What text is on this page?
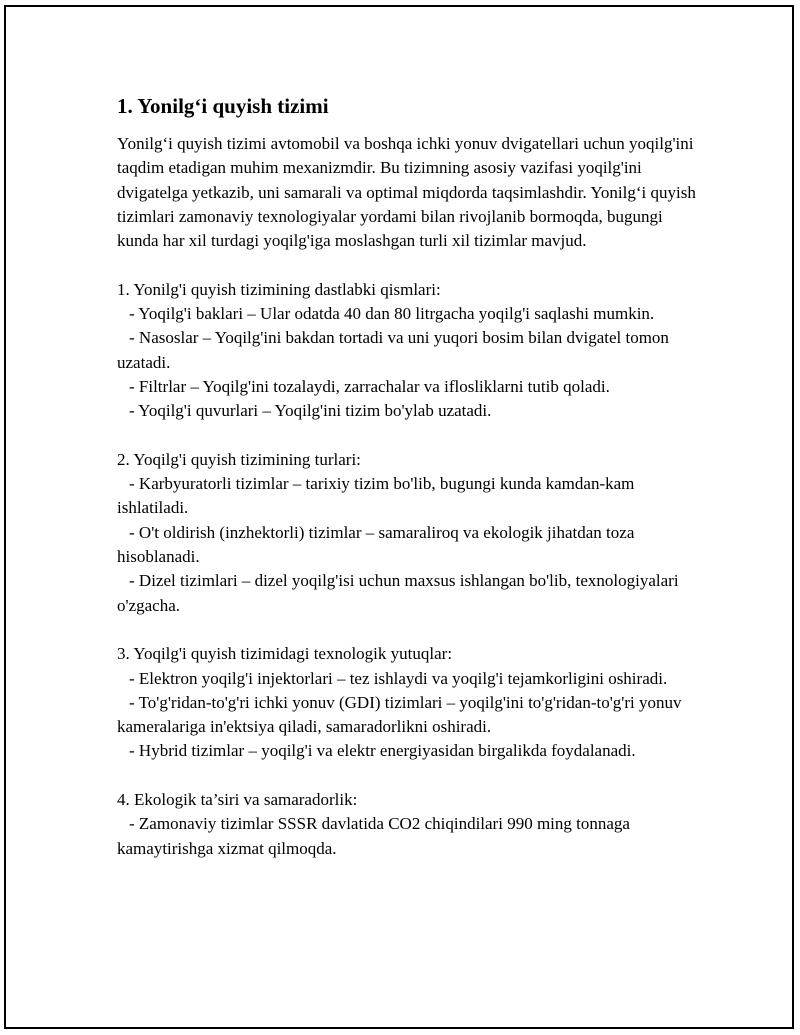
1. Yonilg‘i quyish tizimi

Yonilg‘i quyish tizimi avtomobil va boshqa ichki yonuv dvigatellari uchun yoqilg'ini taqdim etadigan muhim mexanizmdir. Bu tizimning asosiy vazifasi yoqilg'ini dvigatelga yetkazib, uni samarali va optimal miqdorda taqsimlashdir. Yonilg‘i quyish tizimlari zamonaviy texnologiyalar yordami bilan rivojlanib bormoqda, bugungi kunda har xil turdagi yoqilg'iga moslashgan turli xil tizimlar mavjud.

1. Yonilg'i quyish tizimining dastlabki qismlari:

- Yoqilg'i baklari – Ular odatda 40 dan 80 litrgacha yoqilg'i saqlashi mumkin.

- Nasoslar – Yoqilg'ini bakdan tortadi va uni yuqori bosim bilan dvigatel tomon uzatadi.

- Filtrlar – Yoqilg'ini tozalaydi, zarrachalar va ifloslik​larni tutib qoladi.

- Yoqilg'i quvurlari – Yoqilg'ini tizim bo'ylab uzatadi.

2. Yoqilg'i quyish tizimining turlari:

- Karbyuratorli tizimlar – tarixiy tizim bo'lib, bugungi kunda kamdan-kam ishlatiladi.

- O't oldirish (inzhektorli) tizimlar – samaraliroq va ekologik jihatdan toza hisoblanadi.

- Dizel tizimlari – dizel yoqilg'isi uchun maxsus ishlangan bo'lib, texnologiyalari o'zgacha.

3. Yoqilg'i quyish tizimidagi texnologik yutuqlar:

- Elektron yoqilg'i injektorlari – tez ishlaydi va yoqilg'i tejamkorligini oshiradi.

- To'g'ridan-to'g'ri ichki yonuv (GDI) tizimlari – yoqilg'ini to'g'ridan-to'g'ri yonuv kameralariga in'ektsiya qiladi, samaradorlikni oshiradi.

- Hybrid tizimlar – yoqilg'i va elektr energiyasidan birgalikda foydalanadi.

4. Ekologik ta’siri va samaradorlik:

- Zamonaviy tizimlar SSSR davlatida CO2 chiqindilari 990 ming tonnaga kamaytirishga xizmat qilmoqda.
